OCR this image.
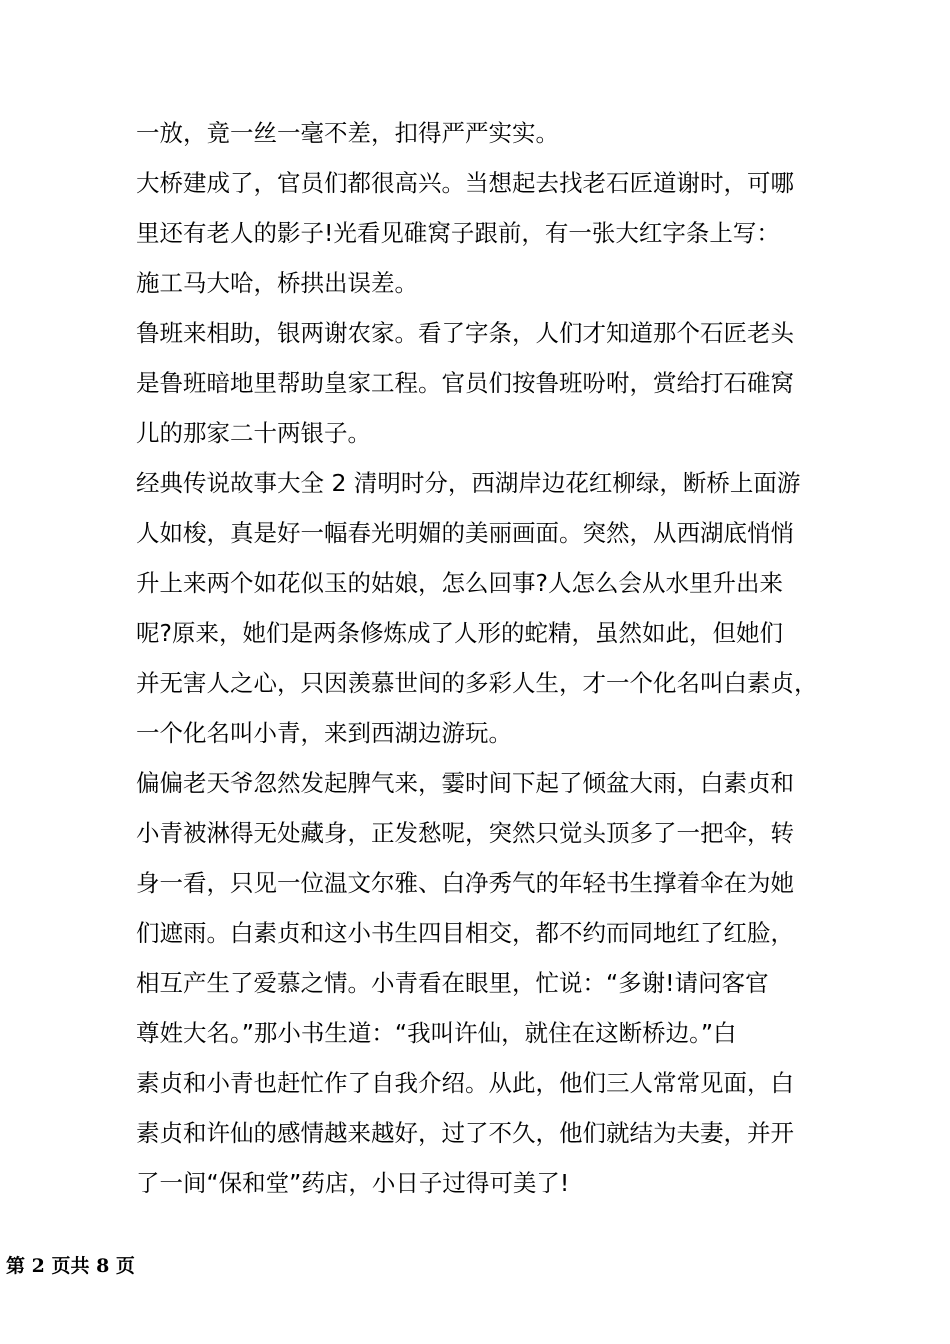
一放，竟一丝一毫不差，扣得严严实实。
大桥建成了，官员们都很高兴。当想起去找老石匠道谢时，可哪
里还有老人的影子!光看见碓窝子跟前，有一张大红字条上写：
施工马大哈，桥拱出误差。
鲁班来相助，银两谢农家。看了字条，人们才知道那个石匠老头
是鲁班暗地里帮助皇家工程。官员们按鲁班吩咐，赏给打石碓窝
儿的那家二十两银子。
经典传说故事大全 2 清明时分，西湖岸边花红柳绿，断桥上面游
人如梭，真是好一幅春光明媚的美丽画面。突然，从西湖底悄悄
升上来两个如花似玉的姑娘，怎么回事?人怎么会从水里升出来
呢?原来，她们是两条修炼成了人形的蛇精，虽然如此，但她们
并无害人之心，只因羡慕世间的多彩人生，才一个化名叫白素贞，
一个化名叫小青，来到西湖边游玩。
偏偏老天爷忽然发起脾气来，霎时间下起了倾盆大雨，白素贞和
小青被淋得无处藏身，正发愁呢，突然只觉头顶多了一把伞，转
身一看，只见一位温文尔雅、白净秀气的年轻书生撑着伞在为她
们遮雨。白素贞和这小书生四目相交，都不约而同地红了红脸，
相互产生了爱慕之情。小青看在眼里，忙说：“多谢!请问客官
尊姓大名。”那小书生道：“我叫许仙，就住在这断桥边。”白
素贞和小青也赶忙作了自我介绍。从此，他们三人常常见面，白
素贞和许仙的感情越来越好，过了不久，他们就结为夫妻，并开
了一间“保和堂”药店，小日子过得可美了!
第 2 页共 8 页
